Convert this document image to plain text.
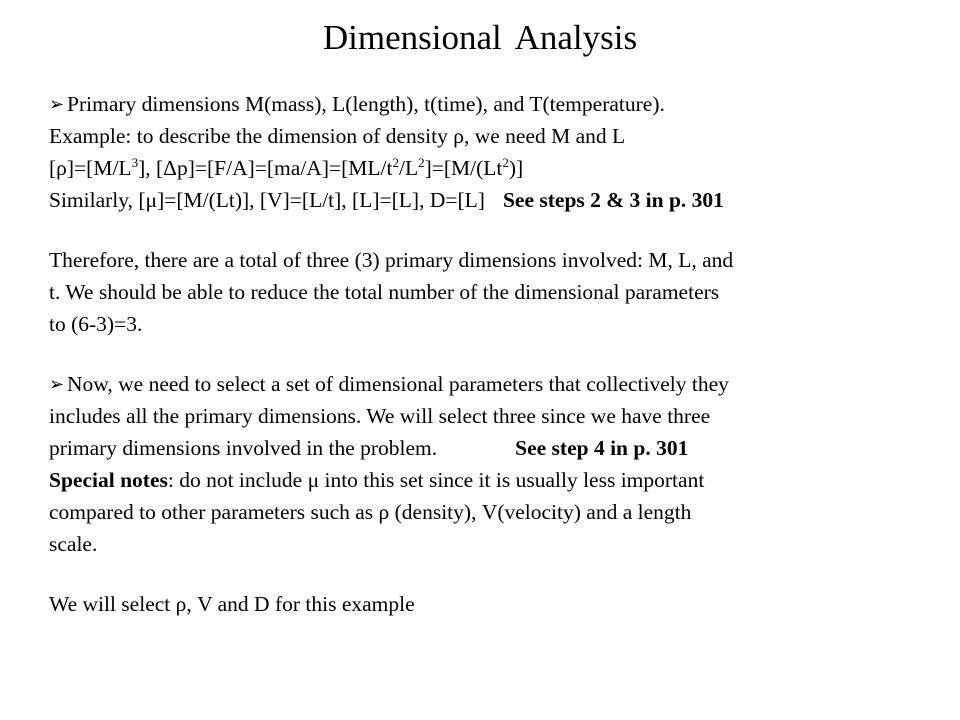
Dimensional Analysis
➢ Primary dimensions M(mass), L(length), t(time), and T(temperature).
Example: to describe the dimension of density ρ, we need M and L
$[\rho]=[M/L^3]$, $[\Delta p]=[F/A]=[ma/A]=[ML/t^2/L^2]=[M/(Lt^2)]$
Similarly, [μ]=[M/(Lt)], [V]=[L/t], [L]=[L], D=[L] See steps 2 & 3 in p. 301
Therefore, there are a total of three (3) primary dimensions involved: M, L, and
t. We should be able to reduce the total number of the dimensional parameters
to (6-3)=3.
➢ Now, we need to select a set of dimensional parameters that collectively they
includes all the primary dimensions. We will select three since we have three
primary dimensions involved in the problem.	See step 4 in p. 301
Special notes: do not include μ into this set since it is usually less important
compared to other parameters such as ρ (density), V(velocity) and a length
scale.
We will select ρ, V and D for this example
